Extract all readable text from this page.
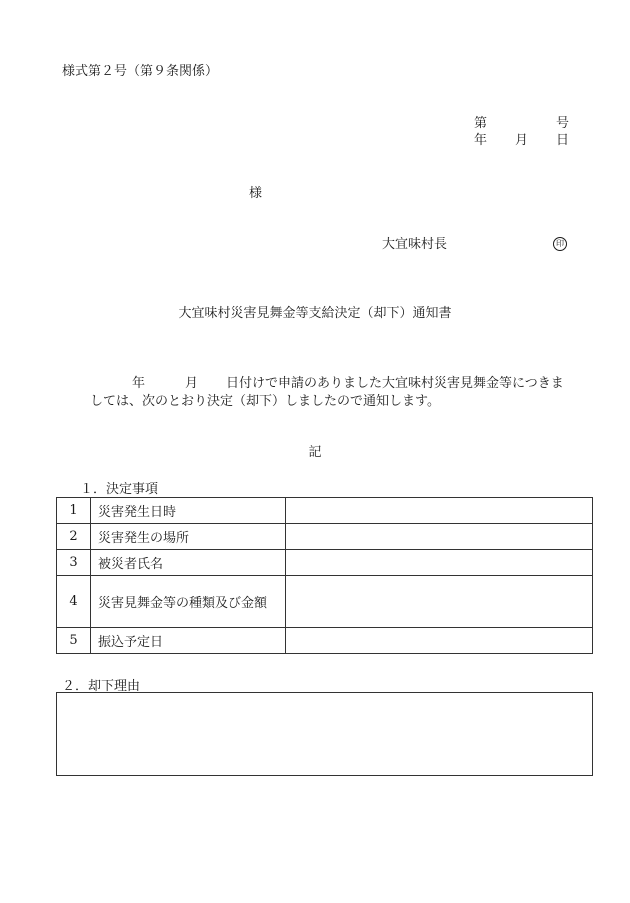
様式第２号（第９条関係）
第	号
年 月 日
様
大宜味村長	印
大宜味村災害見舞金等支給決定（却下）通知書
年	月 日付けで申請のありました大宜味村災害見舞金等につきま
しては、次のとおり決定（却下）しましたので通知します。
記
１．決定事項
1	災害発生日時	
2	災害発生の場所	
3	被災者氏名	
4	災害見舞金等の種類及び金額	
5	振込予定日	
２．却下理由
